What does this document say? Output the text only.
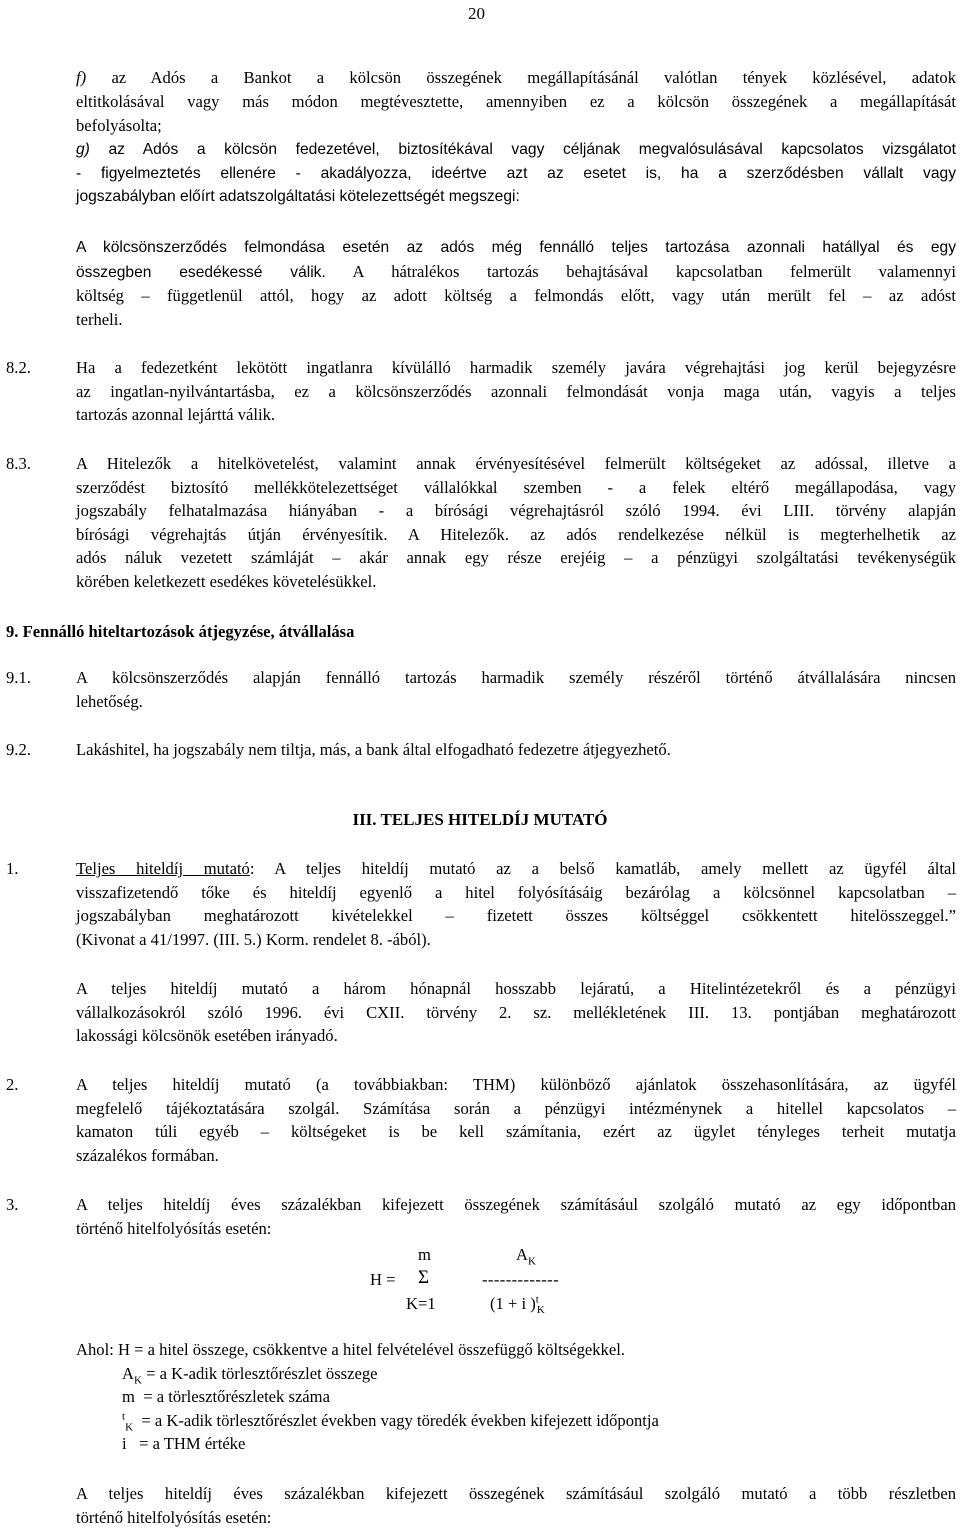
20
f) az Adós a Bankot a kölcsön összegének megállapításánál valótlan tények közlésével, adatok
eltitkolásával vagy más módon megtévesztette, amennyiben ez a kölcsön összegének a megállapítását
befolyásolta;
g) az Adós a kölcsön fedezetével, biztosítékával vagy céljának megvalósulásával kapcsolatos vizsgálatot
- figyelmeztetés ellenére - akadályozza, ideértve azt az esetet is, ha a szerződésben vállalt vagy
jogszabályban előírt adatszolgáltatási kötelezettségét megszegi:
A kölcsönszerződés felmondása esetén az adós még fennálló teljes tartozása azonnali hatállyal és egy
összegben esedékessé válik. A hátralékos tartozás behajtásával kapcsolatban felmerült valamennyi
költség – függetlenül attól, hogy az adott költség a felmondás előtt, vagy után merült fel – az adóst
terheli.
8.2.	Ha a fedezetként lekötött ingatlanra kívülálló harmadik személy javára végrehajtási jog kerül bejegyzésre
az ingatlan-nyilvántartásba, ez a kölcsönszerződés azonnali felmondását vonja maga után, vagyis a teljes
tartozás azonnal lejárttá válik.
8.3.	A Hitelezők a hitelkövetelést, valamint annak érvényesítésével felmerült költségeket az adóssal, illetve a
szerződést biztosító mellékkötelezettséget vállalókkal szemben - a felek eltérő megállapodása, vagy
jogszabály felhatalmazása hiányában - a bírósági végrehajtásról szóló 1994. évi LIII. törvény alapján
bírósági végrehajtás útján érvényesítik. A Hitelezők. az adós rendelkezése nélkül is megterhelhetik az
adós náluk vezetett számláját – akár annak egy része erejéig – a pénzügyi szolgáltatási tevékenységük
körében keletkezett esedékes követelésükkel.
9. Fennálló hiteltartozások átjegyzése, átvállalása
9.1.	A kölcsönszerződés alapján fennálló tartozás harmadik személy részéről történő átvállalására nincsen
lehetőség.
9.2.	Lakáshitel, ha jogszabály nem tiltja, más, a bank által elfogadható fedezetre átjegyezhető.
III. TELJES HITELDÍJ MUTATÓ
1.	Teljes hiteldíj mutató: A teljes hiteldíj mutató az a belső kamatláb, amely mellett az ügyfél által
visszafizetendő tőke és hiteldíj egyenlő a hitel folyósításáig bezárólag a kölcsönnel kapcsolatban –
jogszabályban meghatározott kivételekkel – fizetett összes költséggel csökkentett hitelösszeggel.”
(Kivonat a 41/1997. (III. 5.) Korm. rendelet 8. -ából).
A teljes hiteldíj mutató a három hónapnál hosszabb lejáratú, a Hitelintézetekről és a pénzügyi
vállalkozásokról szóló 1996. évi CXII. törvény 2. sz. mellékletének III. 13. pontjában meghatározott
lakossági kölcsönök esetében irányadó.
2.	A teljes hiteldíj mutató (a továbbiakban: THM) különböző ajánlatok összehasonlítására, az ügyfél
megfelelő tájékoztatására szolgál. Számítása során a pénzügyi intézménynek a hitellel kapcsolatos –
kamaton túli egyéb – költségeket is be kell számítania, ezért az ügylet tényleges terheit mutatja
százalékos formában.
3.	A teljes hiteldíj éves százalékban kifejezett összegének számításául szolgáló mutató az egy időpontban
történő hitelfolyósítás esetén:
m	$A_K$
H = Σ	-------------
K=1	(1 + i )$^t_K$
Ahol: H = a hitel összege, csökkentve a hitel felvételével összefüggő költségekkel.
$A_K = a$ K-adik törlesztőrészlet összege
m  = a törlesztőrészletek száma
$^t_K$  = a K-adik törlesztőrészlet években vagy töredék években kifejezett időpontja
i   = a THM értéke
A teljes hiteldíj éves százalékban kifejezett összegének számításául szolgáló mutató a több részletben
történő hitelfolyósítás esetén:
